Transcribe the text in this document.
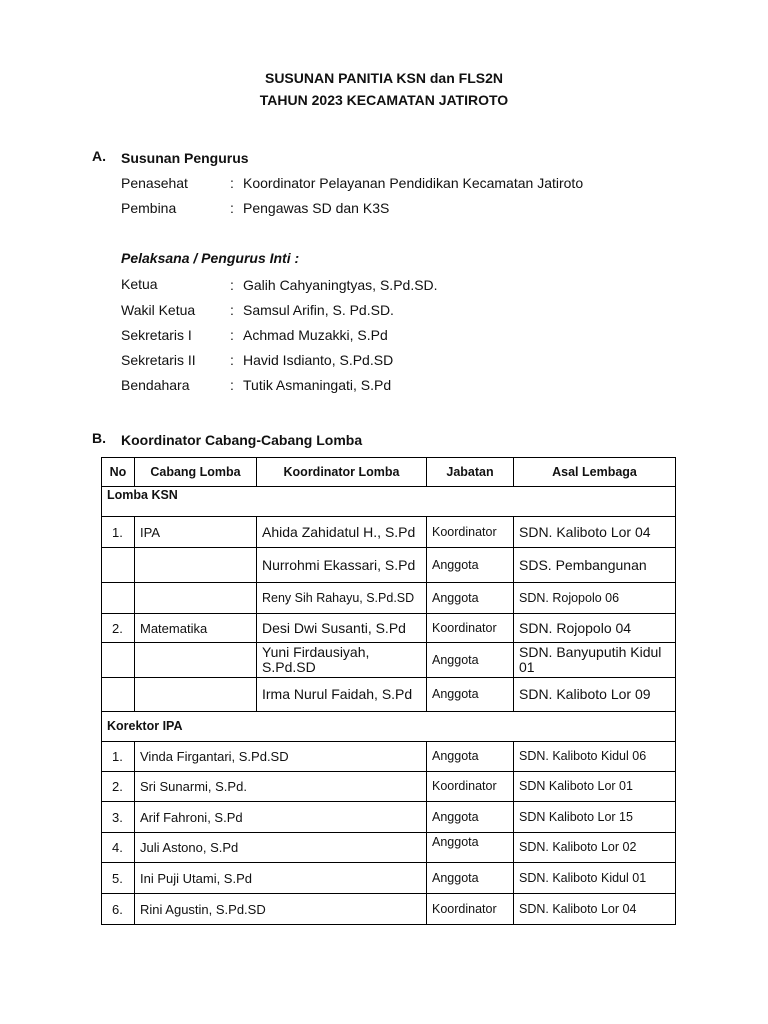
SUSUNAN PANITIA KSN dan FLS2N
TAHUN 2023 KECAMATAN JATIROTO
A. Susunan Pengurus
Penasehat	: Koordinator Pelayanan Pendidikan Kecamatan Jatiroto
Pembina	: Pengawas SD dan K3S
Pelaksana / Pengurus Inti :
Ketua	: Galih Cahyaningtyas, S.Pd.SD.
Wakil Ketua : Samsul Arifin, S. Pd.SD.
Sekretaris I	: Achmad Muzakki, S.Pd
Sekretaris II : Havid Isdianto, S.Pd.SD
Bendahara	: Tutik Asmaningati, S.Pd
B. Koordinator Cabang-Cabang Lomba
No	Cabang Lomba	Koordinator Lomba	Jabatan	Asal Lembaga
Lomba KSN				
1.	IPA	Ahida Zahidatul H., S.Pd	Koordinator	SDN. Kaliboto Lor 04
		Nurrohmi Ekassari, S.Pd	Anggota	SDS. Pembangunan
		Reny Sih Rahayu, S.Pd.SD	Anggota	SDN. Rojopolo 06
2.	Matematika	Desi Dwi Susanti, S.Pd	Koordinator	SDN. Rojopolo 04
		Yuni Firdausiyah, S.Pd.SD	Anggota	SDN. Banyuputih Kidul 01
		Irma Nurul Faidah, S.Pd	Anggota	SDN. Kaliboto Lor 09
Korektor IPA				
1.	Vinda Firgantari, S.Pd.SD		Anggota	SDN. Kaliboto Kidul 06
2.	Sri Sunarmi, S.Pd.		Koordinator	SDN Kaliboto Lor 01
3.	Arif Fahroni, S.Pd		Anggota	SDN Kaliboto Lor 15
4.	Juli Astono, S.Pd		Anggota	SDN. Kaliboto Lor 02
5.	Ini Puji Utami, S.Pd		Anggota	SDN. Kaliboto Kidul 01
6.	Rini Agustin, S.Pd.SD		Koordinator	SDN. Kaliboto Lor 04
